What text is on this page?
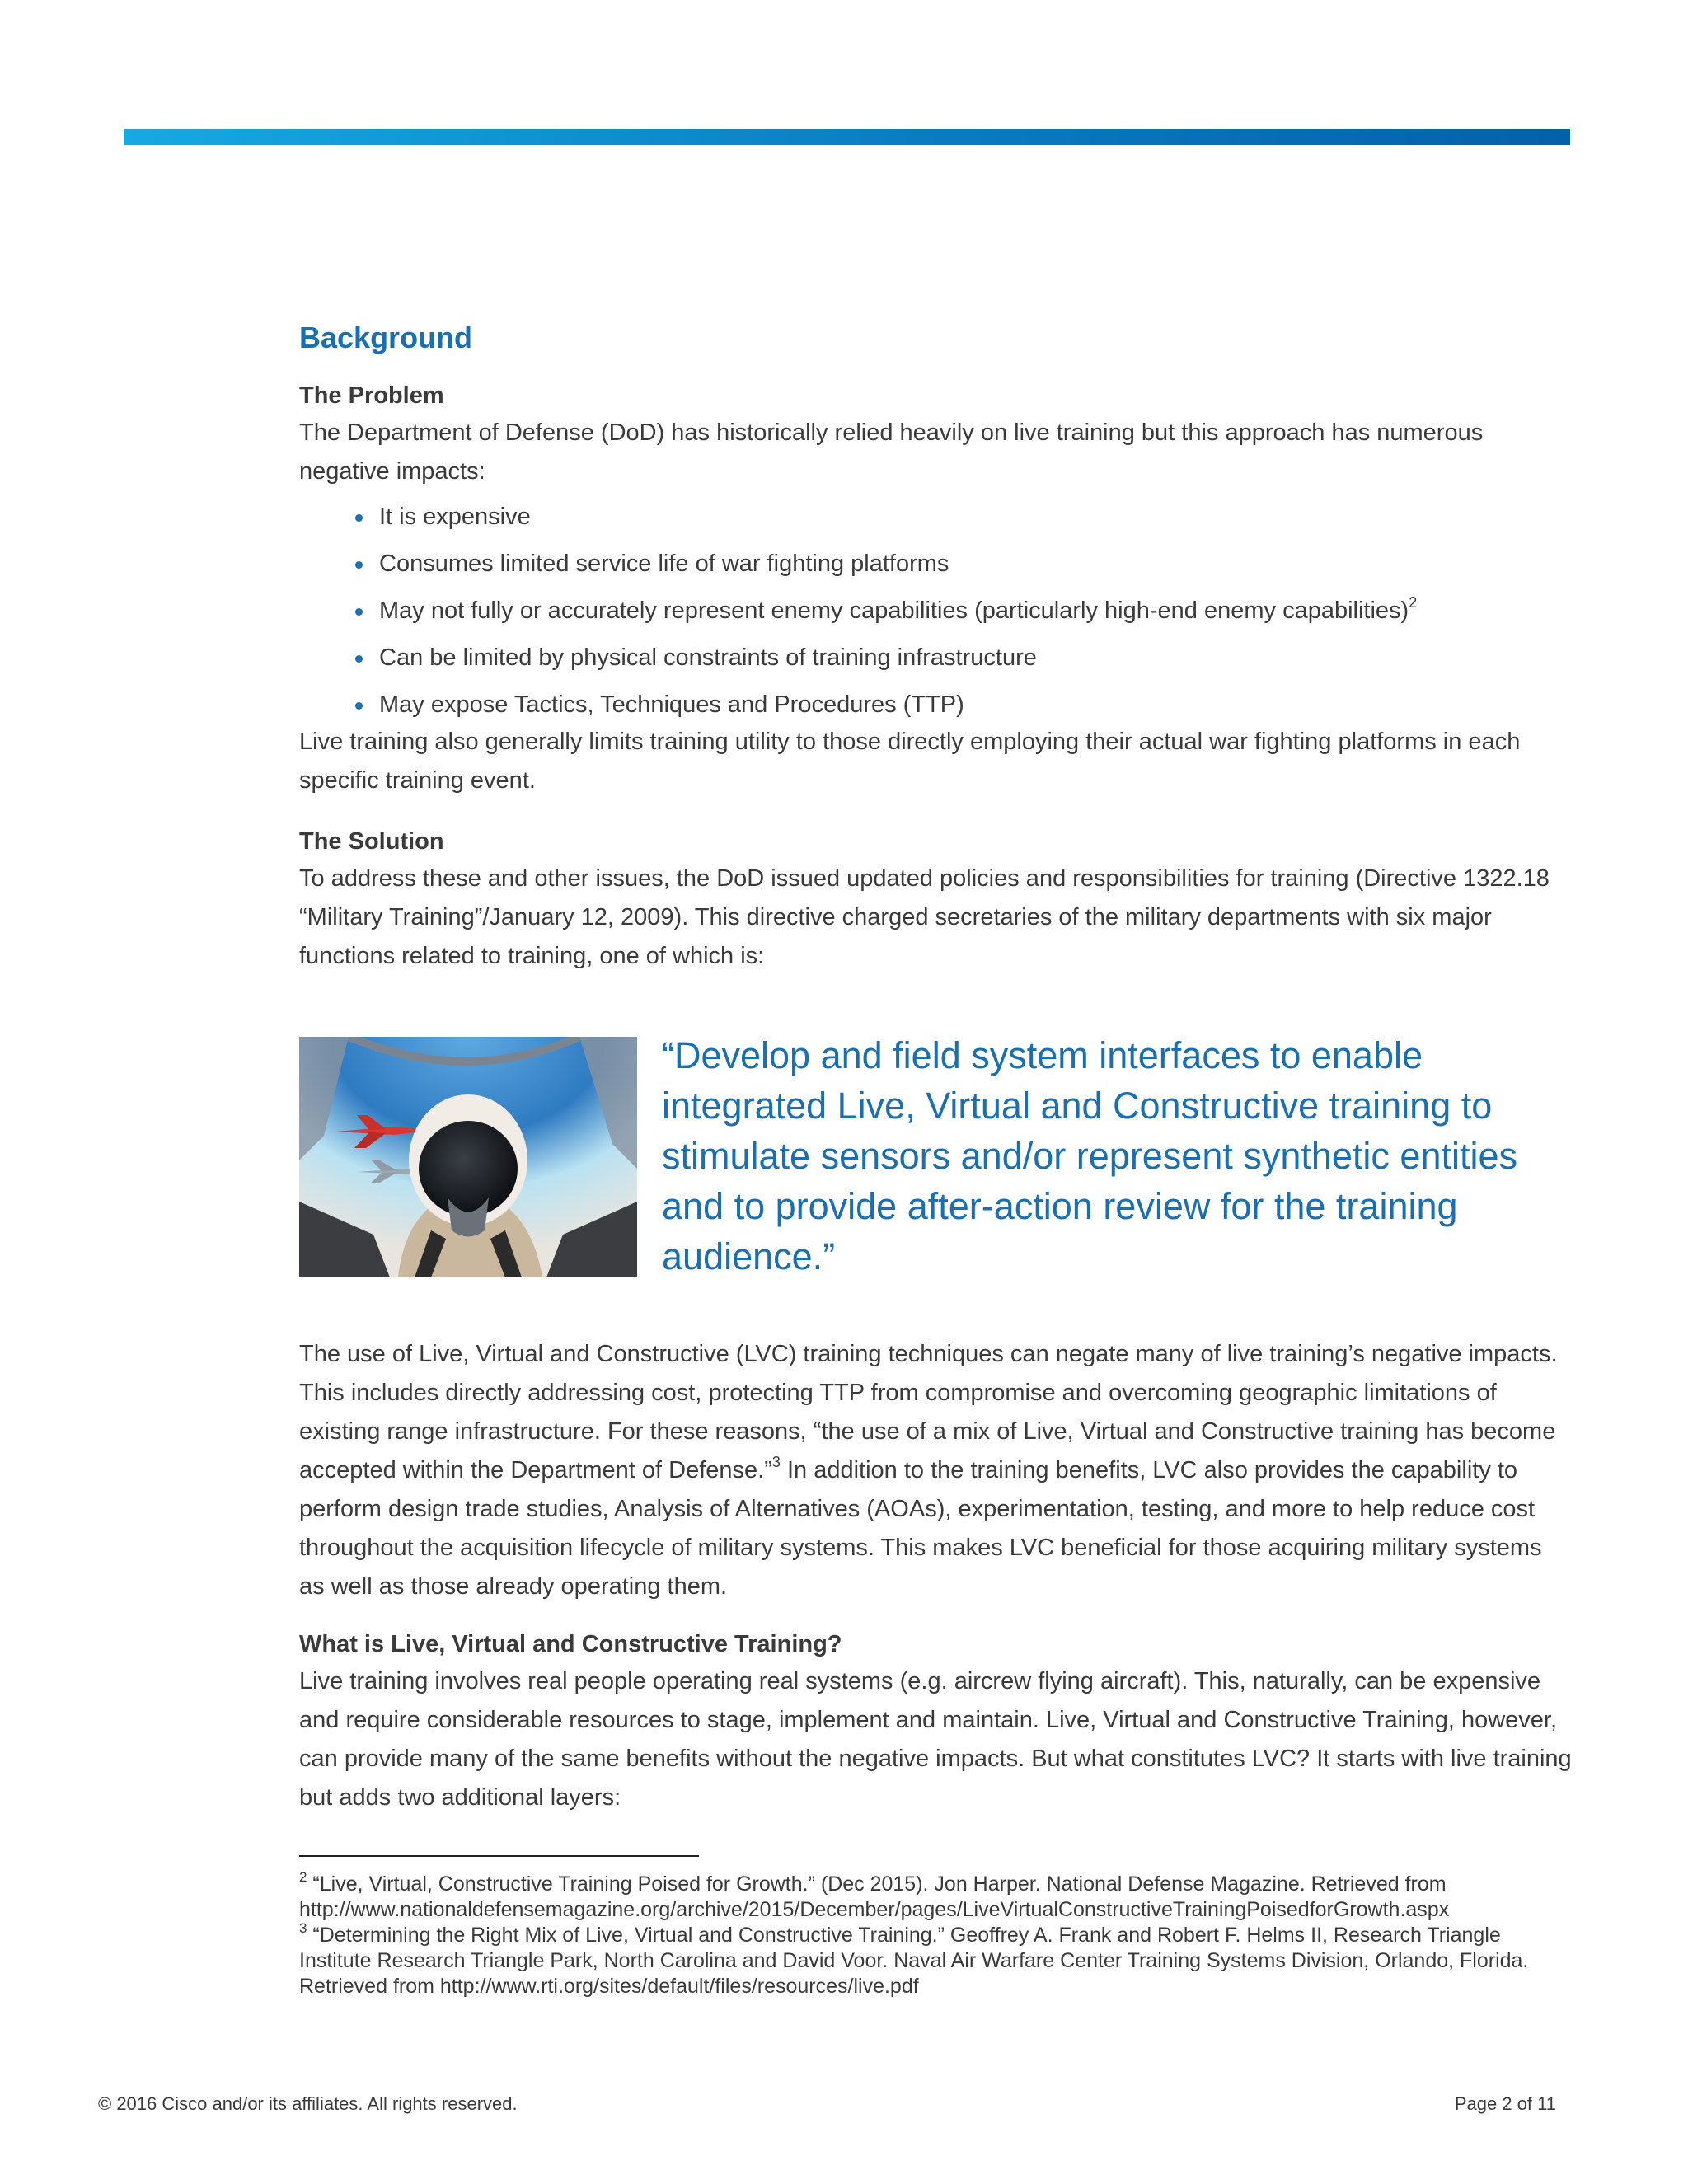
Background
The Problem

The Department of Defense (DoD) has historically relied heavily on live training but this approach has numerous negative impacts:

It is expensive
Consumes limited service life of war fighting platforms
May not fully or accurately represent enemy capabilities (particularly high-end enemy capabilities)$^2$
Can be limited by physical constraints of training infrastructure
May expose Tactics, Techniques and Procedures (TTP)

Live training also generally limits training utility to those directly employing their actual war fighting platforms in each specific training event.

The Solution

To address these and other issues, the DoD issued updated policies and responsibilities for training (Directive 1322.18 “Military Training”/January 12, 2009). This directive charged secretaries of the military departments with six major functions related to training, one of which is:

“Develop and field system interfaces to enable integrated Live, Virtual and Constructive training to stimulate sensors and/or represent synthetic entities and to provide after-action review for the training audience.”

The use of Live, Virtual and Constructive (LVC) training techniques can negate many of live training’s negative impacts. This includes directly addressing cost, protecting TTP from compromise and overcoming geographic limitations of existing range infrastructure. For these reasons, “the use of a mix of Live, Virtual and Constructive training has become accepted within the Department of Defense.”$^3$ In addition to the training benefits, LVC also provides the capability to perform design trade studies, Analysis of Alternatives (AOAs), experimentation, testing, and more to help reduce cost throughout the acquisition lifecycle of military systems. This makes LVC beneficial for those acquiring military systems as well as those already operating them.

What is Live, Virtual and Constructive Training?

Live training involves real people operating real systems (e.g. aircrew flying aircraft). This, naturally, can be expensive and require considerable resources to stage, implement and maintain. Live, Virtual and Constructive Training, however, can provide many of the same benefits without the negative impacts. But what constitutes LVC? It starts with live training but adds two additional layers:

$^2$ “Live, Virtual, Constructive Training Poised for Growth.” (Dec 2015). Jon Harper. National Defense Magazine. Retrieved from http://www.nationaldefensemagazine.org/archive/2015/December/pages/LiveVirtualConstructiveTrainingPoisedforGrowth.aspx
$^3$ “Determining the Right Mix of Live, Virtual and Constructive Training.” Geoffrey A. Frank and Robert F. Helms II, Research Triangle Institute Research Triangle Park, North Carolina and David Voor. Naval Air Warfare Center Training Systems Division, Orlando, Florida. Retrieved from http://www.rti.org/sites/default/files/resources/live.pdf
© 2016 Cisco and/or its affiliates. All rights reserved.	Page 2 of 11
